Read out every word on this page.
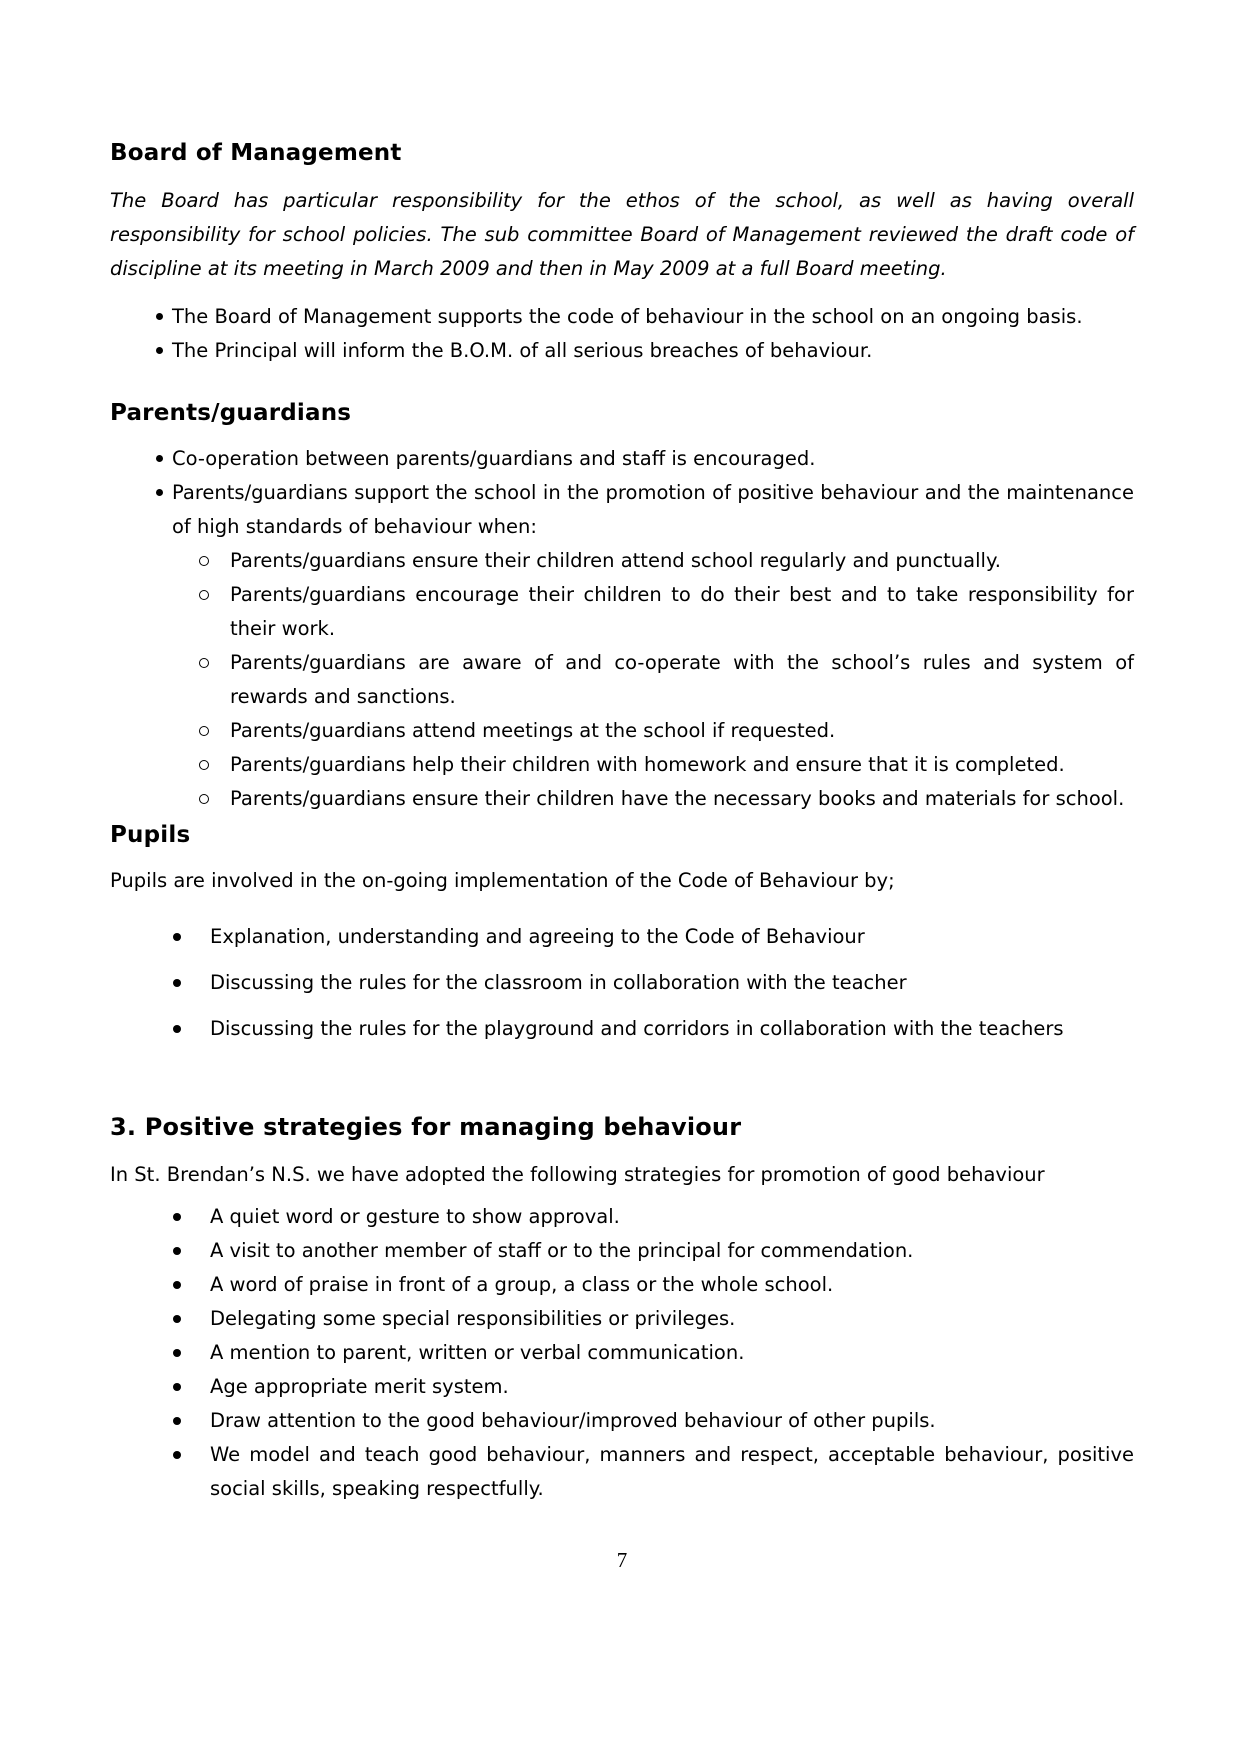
Board of Management

The Board has particular responsibility for the ethos of the school, as well as having overall responsibility for school policies. The sub committee Board of Management reviewed the draft code of discipline at its meeting in March 2009 and then in May 2009 at a full Board meeting.

The Board of Management supports the code of behaviour in the school on an ongoing basis.
The Principal will inform the B.O.M. of all serious breaches of behaviour.
Parents/guardians
Co-operation between parents/guardians and staff is encouraged.
Parents/guardians support the school in the promotion of positive behaviour and the maintenance of high standards of behaviour when:
Parents/guardians ensure their children attend school regularly and punctually.
Parents/guardians encourage their children to do their best and to take responsibility for their work.
Parents/guardians are aware of and co-operate with the school’s rules and system of rewards and sanctions.
Parents/guardians attend meetings at the school if requested.
Parents/guardians help their children with homework and ensure that it is completed.
Parents/guardians ensure their children have the necessary books and materials for school.
Pupils

Pupils are involved in the on-going implementation of the Code of Behaviour by;

Explanation, understanding and agreeing to the Code of Behaviour
Discussing the rules for the classroom in collaboration with the teacher
Discussing the rules for the playground and corridors in collaboration with the teachers
3. Positive strategies for managing behaviour

In St. Brendan’s N.S. we have adopted the following strategies for promotion of good behaviour

A quiet word or gesture to show approval.
A visit to another member of staff or to the principal for commendation.
A word of praise in front of a group, a class or the whole school.
Delegating some special responsibilities or privileges.
A mention to parent, written or verbal communication.
Age appropriate merit system.
Draw attention to the good behaviour/improved behaviour of other pupils.
We model and teach good behaviour, manners and respect, acceptable behaviour, positive social skills, speaking respectfully.
7
